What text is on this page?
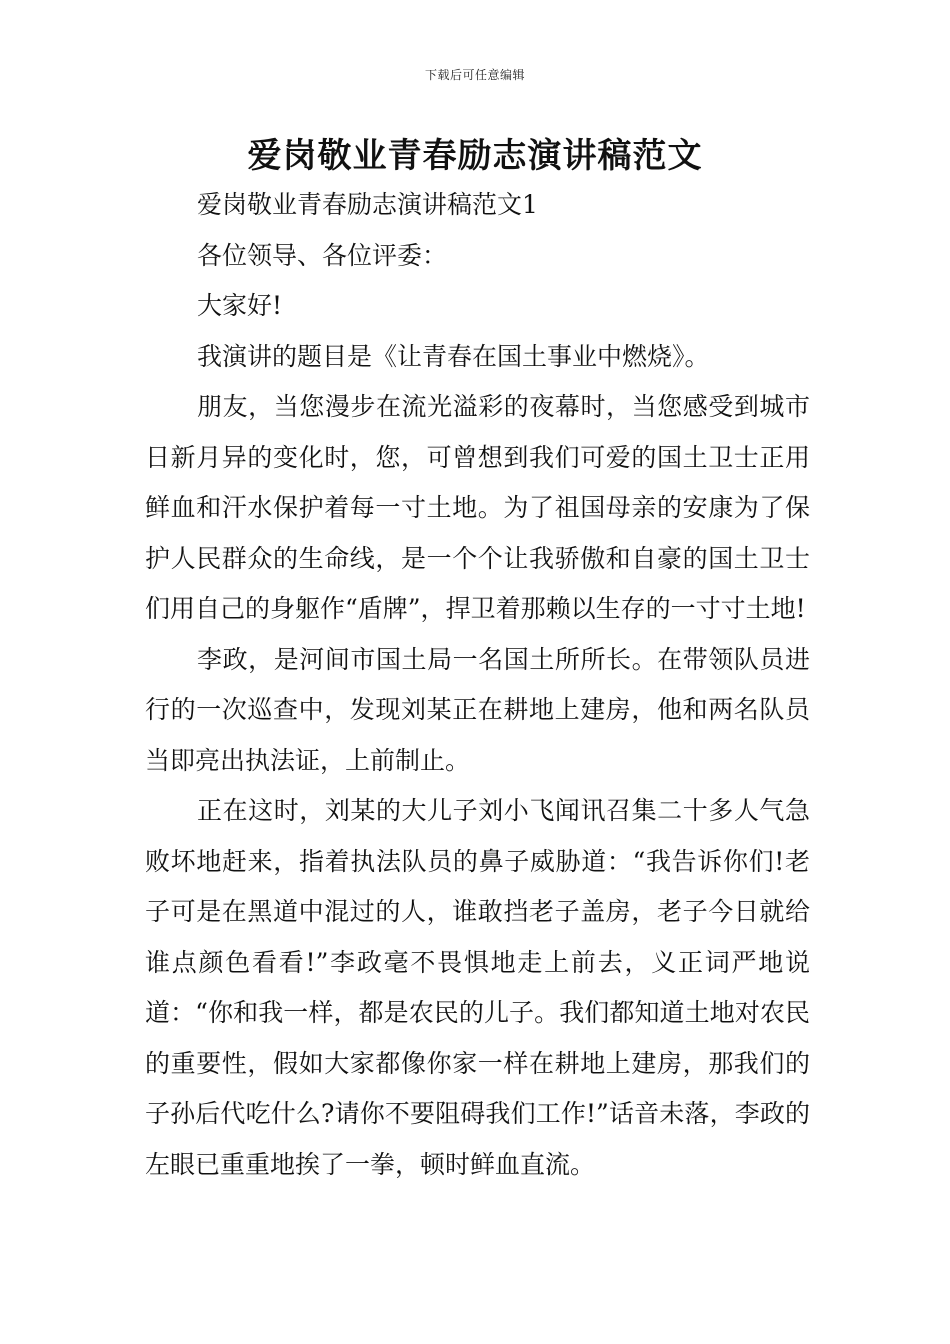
下载后可任意编辑
爱岗敬业青春励志演讲稿范文

爱岗敬业青春励志演讲稿范文1

各位领导、各位评委：

大家好!

我演讲的题目是《让青春在国土事业中燃烧》。

朋友，当您漫步在流光溢彩的夜幕时，当您感受到城市日新月异的变化时，您，可曾想到我们可爱的国土卫士正用鲜血和汗水保护着每一寸土地。为了祖国母亲的安康为了保护人民群众的生命线，是一个个让我骄傲和自豪的国土卫士们用自己的身躯作“盾牌”，捍卫着那赖以生存的一寸寸土地!

李政，是河间市国土局一名国土所所长。在带领队员进行的一次巡查中，发现刘某正在耕地上建房，他和两名队员当即亮出执法证，上前制止。

正在这时，刘某的大儿子刘小飞闻讯召集二十多人气急败坏地赶来，指着执法队员的鼻子威胁道：“我告诉你们!老子可是在黑道中混过的人，谁敢挡老子盖房，老子今日就给谁点颜色看看!”李政毫不畏惧地走上前去，义正词严地说道：“你和我一样，都是农民的儿子。我们都知道土地对农民的重要性，假如大家都像你家一样在耕地上建房，那我们的子孙后代吃什么?请你不要阻碍我们工作!”话音未落，李政的左眼已重重地挨了一拳，顿时鲜血直流。
